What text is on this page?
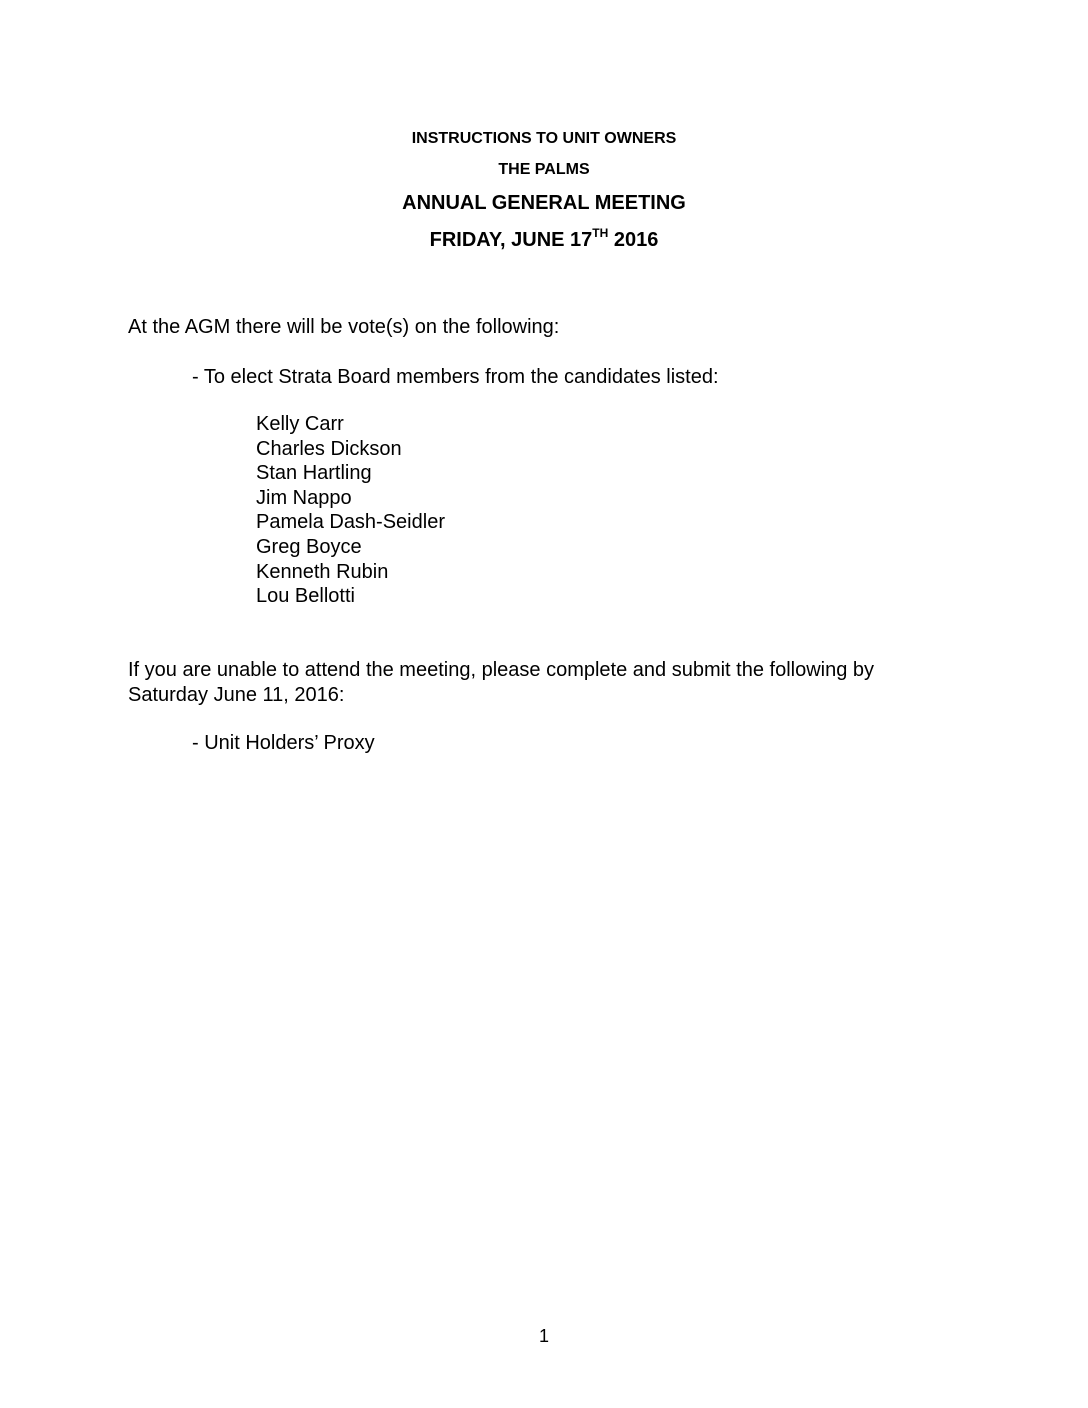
INSTRUCTIONS TO UNIT OWNERS
THE PALMS
ANNUAL GENERAL MEETING
FRIDAY, JUNE 17TH 2016
At the AGM there will be vote(s) on the following:
- To elect Strata Board members from the candidates listed:
Kelly Carr
Charles Dickson
Stan Hartling
Jim Nappo
Pamela Dash-Seidler
Greg Boyce
Kenneth Rubin
Lou Bellotti
If you are unable to attend the meeting, please complete and submit the following by
Saturday June 11, 2016:
- Unit Holders’ Proxy
1
